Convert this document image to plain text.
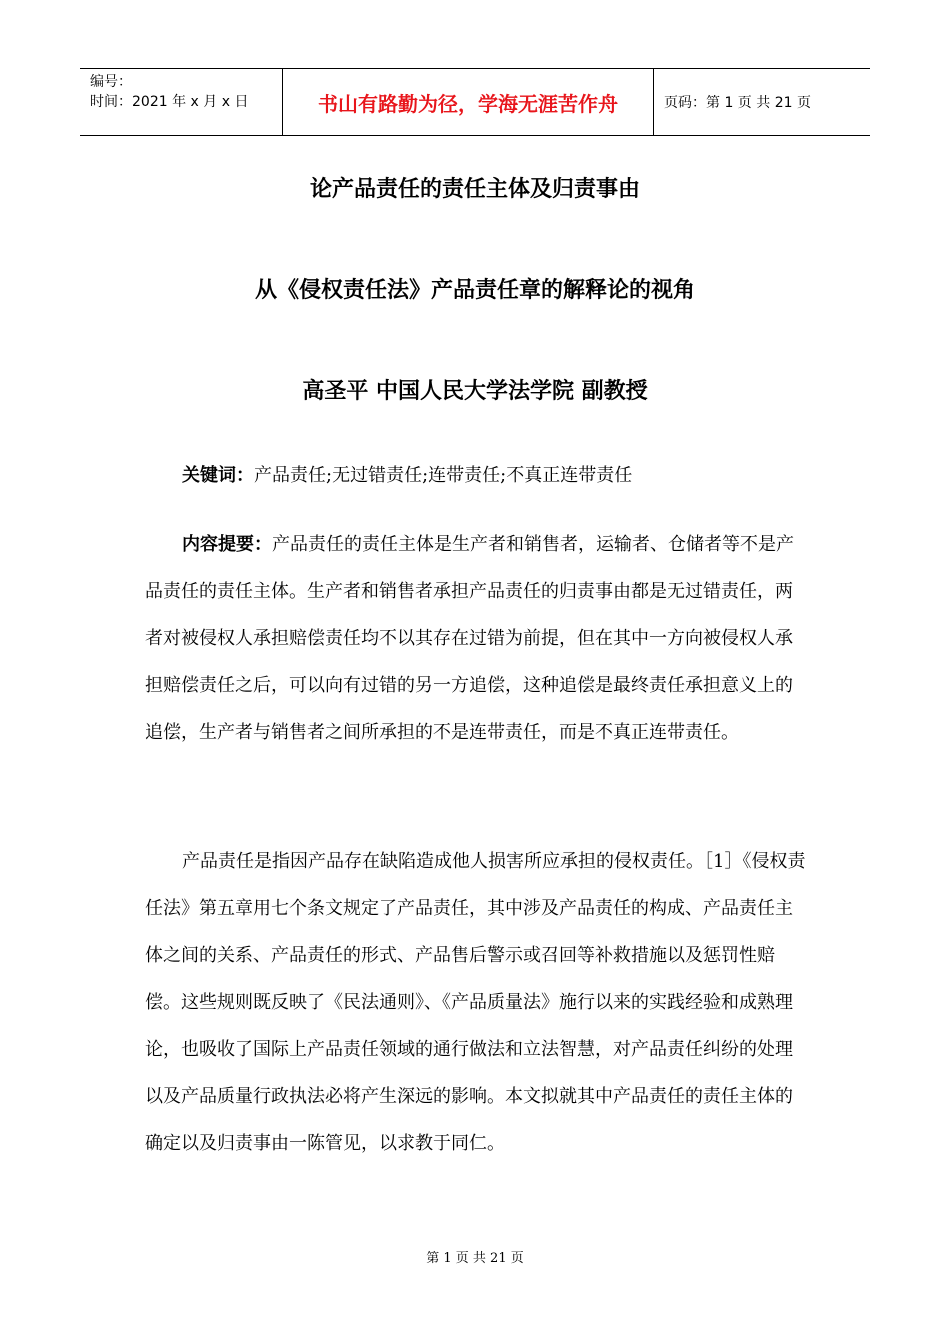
编号：
时间：2021 年 x 月 x 日	书山有路勤为径，学海无涯苦作舟	页码：第 1 页 共 21 页
论产品责任的责任主体及归责事由
从《侵权责任法》产品责任章的解释论的视角
高圣平 中国人民大学法学院 副教授

关键词：产品责任;无过错责任;连带责任;不真正连带责任

内容提要：产品责任的责任主体是生产者和销售者，运输者、仓储者等不是产品责任的责任主体。生产者和销售者承担产品责任的归责事由都是无过错责任，两者对被侵权人承担赔偿责任均不以其存在过错为前提，但在其中一方向被侵权人承担赔偿责任之后，可以向有过错的另一方追偿，这种追偿是最终责任承担意义上的追偿，生产者与销售者之间所承担的不是连带责任，而是不真正连带责任。

产品责任是指因产品存在缺陷造成他人损害所应承担的侵权责任。［1］《侵权责任法》第五章用七个条文规定了产品责任，其中涉及产品责任的构成、产品责任主体之间的关系、产品责任的形式、产品售后警示或召回等补救措施以及惩罚性赔偿。这些规则既反映了《民法通则》、《产品质量法》施行以来的实践经验和成熟理论，也吸收了国际上产品责任领域的通行做法和立法智慧，对产品责任纠纷的处理以及产品质量行政执法必将产生深远的影响。本文拟就其中产品责任的责任主体的确定以及归责事由一陈管见，以求教于同仁。

第 1 页 共 21 页
